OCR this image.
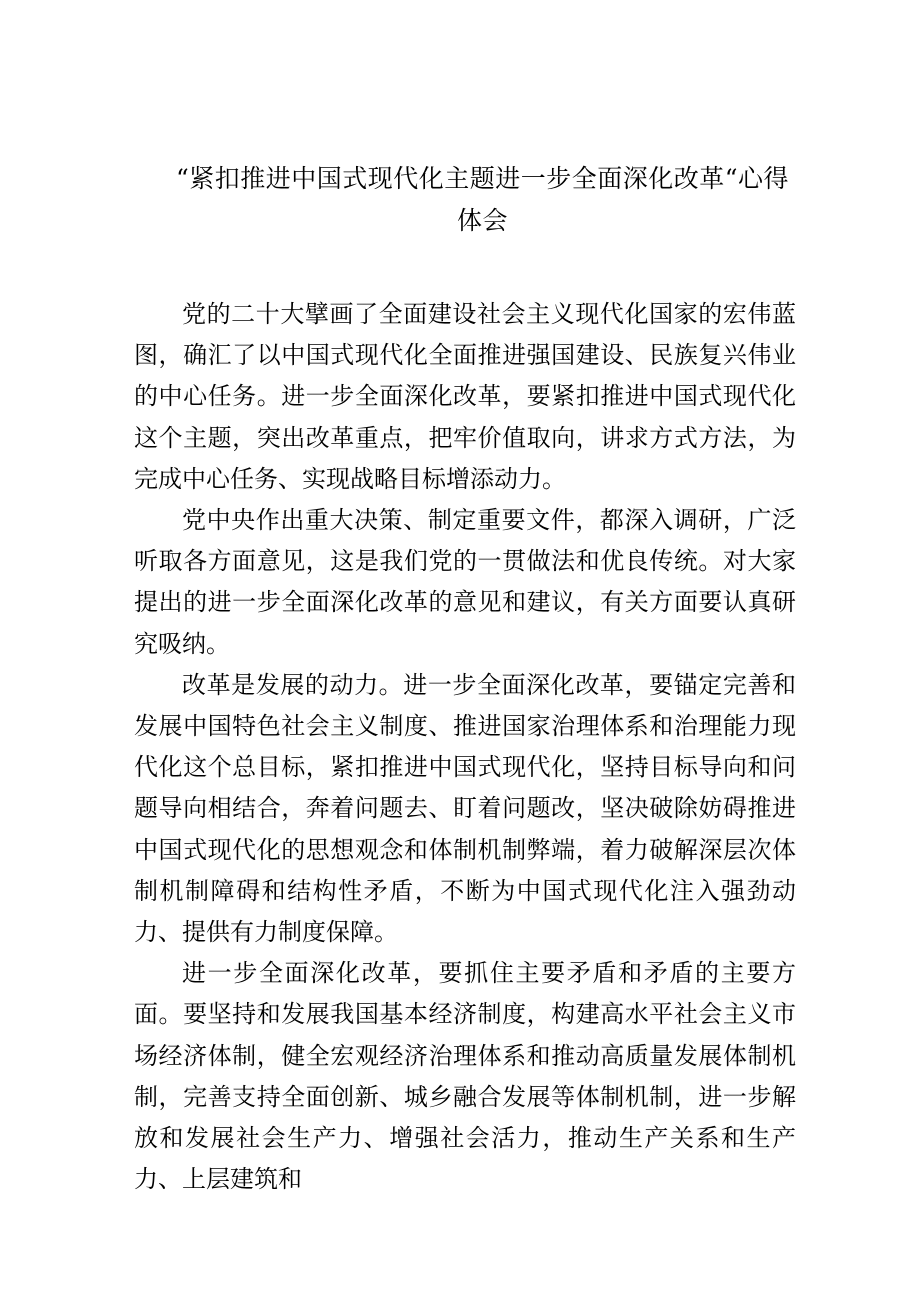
“紧扣推进中国式现代化主题进一步全面深化改革“心得体会

党的二十大擘画了全面建设社会主义现代化国家的宏伟蓝图，确汇了以中国式现代化全面推进强国建设、民族复兴伟业的中心任务。进一步全面深化改革，要紧扣推进中国式现代化这个主题，突出改革重点，把牢价值取向，讲求方式方法，为完成中心任务、实现战略目标增添动力。

党中央作出重大决策、制定重要文件，都深入调研，广泛听取各方面意见，这是我们党的一贯做法和优良传统。对大家提出的进一步全面深化改革的意见和建议，有关方面要认真研究吸纳。

改革是发展的动力。进一步全面深化改革，要锚定完善和发展中国特色社会主义制度、推进国家治理体系和治理能力现代化这个总目标，紧扣推进中国式现代化，坚持目标导向和问题导向相结合，奔着问题去、盯着问题改，坚决破除妨碍推进中国式现代化的思想观念和体制机制弊端，着力破解深层次体制机制障碍和结构性矛盾，不断为中国式现代化注入强劲动力、提供有力制度保障。

进一步全面深化改革，要抓住主要矛盾和矛盾的主要方面。要坚持和发展我国基本经济制度，构建高水平社会主义市场经济体制，健全宏观经济治理体系和推动高质量发展体制机制，完善支持全面创新、城乡融合发展等体制机制，进一步解放和发展社会生产力、增强社会活力，推动生产关系和生产力、上层建筑和
